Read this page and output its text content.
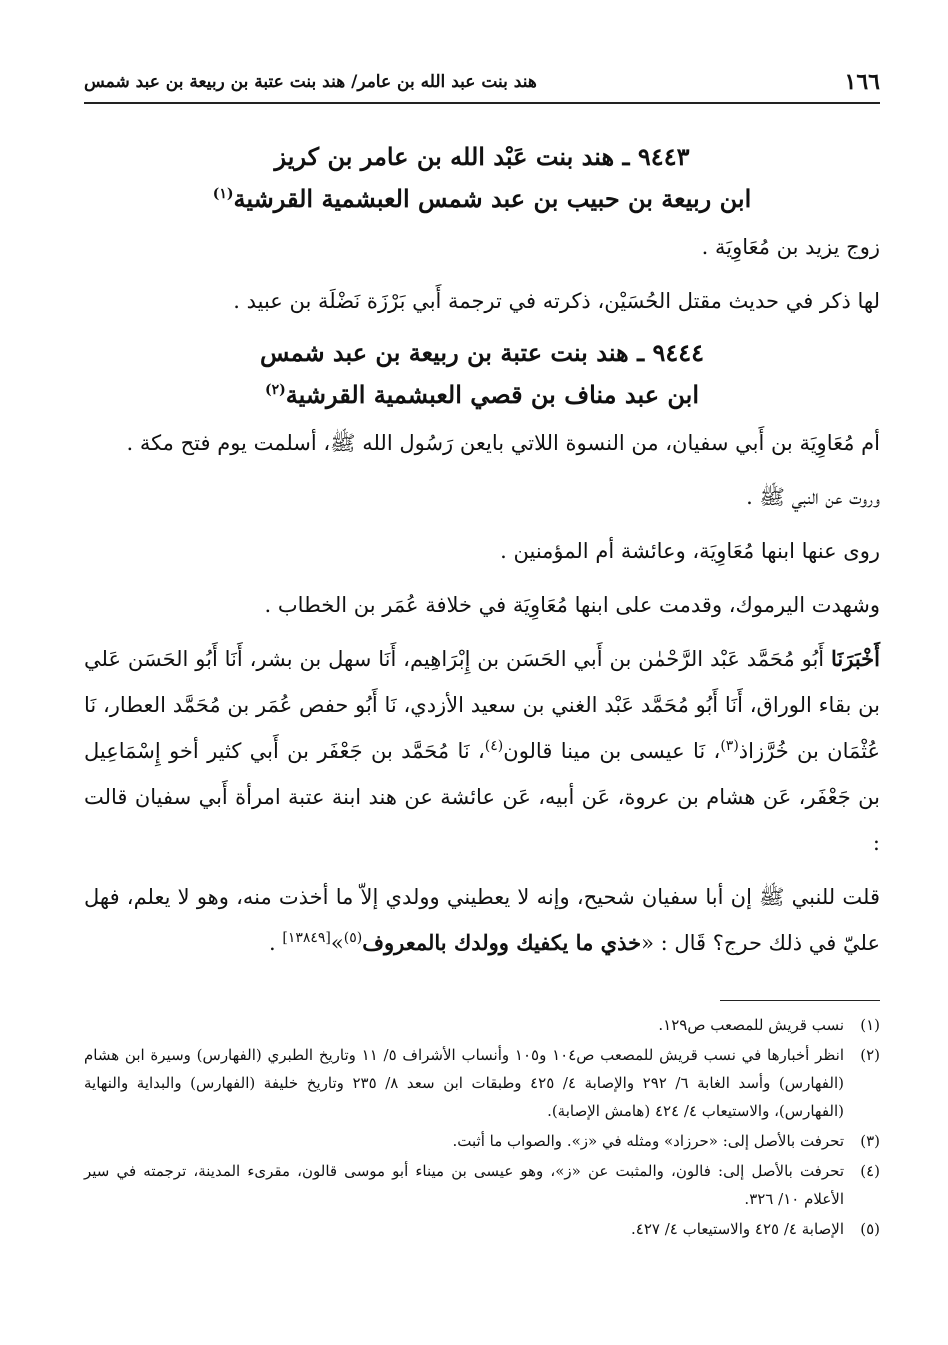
١٦٦
هند بنت عبد الله بن عامر/ هند بنت عتبة بن ربيعة بن عبد شمس
٩٤٤٣ ـ هند بنت عَبْد الله بن عامر بن كريز
ابن ربيعة بن حبيب بن عبد شمس العبشمية القرشية$^{(١)}$
زوج يزيد بن مُعَاوِيَة .
لها ذكر في حديث مقتل الحُسَيْن، ذكرته في ترجمة أَبي بَرْزَة نَضْلَة بن عبيد .
٩٤٤٤ ـ هند بنت عتبة بن ربيعة بن عبد شمس
ابن عبد مناف بن قصي العبشمية القرشية$^{(٢)}$
أم مُعَاوِيَة بن أَبي سفيان، من النسوة اللاتي بايعن رَسُول الله ﷺ، أسلمت يوم فتح مكة .
وروت عن النبي ﷺ .
روى عنها ابنها مُعَاوِيَة، وعائشة أم المؤمنين .
وشهدت اليرموك، وقدمت على ابنها مُعَاوِيَة في خلافة عُمَر بن الخطاب .
أَخْبَرَنَا أَبُو مُحَمَّد عَبْد الرَّحْمٰن بن أَبي الحَسَن بن إِبْرَاهِيم، أَنَا سهل بن بشر، أَنَا أَبُو الحَسَن عَلي بن بقاء الوراق، أَنَا أَبُو مُحَمَّد عَبْد الغني بن سعيد الأزدي، نَا أَبُو حفص عُمَر بن مُحَمَّد العطار، نَا عُثْمَان بن خُرَّزاذ$^{(٣)}$، نَا عيسى بن مينا قالون$^{(٤)}$، نَا مُحَمَّد بن جَعْفَر بن أَبي كثير أخو إِسْمَاعِيل بن جَعْفَر، عَن هشام بن عروة، عَن أبيه، عَن عائشة عن هند ابنة عتبة امرأة أَبي سفيان قالت :
قلت للنبي ﷺ إن أبا سفيان شحيح، وإنه لا يعطيني وولدي إلاّ ما أخذت منه، وهو لا يعلم، فهل عليّ في ذلك حرج؟ قَال : «خذي ما يكفيك وولدك بالمعروف$^{(٥)}$»[١٣٨٤٩] .
(١)
نسب قريش للمصعب ص١٢٩.
(٢)
انظر أخبارها في نسب قريش للمصعب ص١٠٤ و١٠٥ وأنساب الأشراف ٥/ ١١ وتاريخ الطبري (الفهارس) وسيرة ابن هشام (الفهارس) وأسد الغابة ٦/ ٢٩٢ والإصابة ٤/ ٤٢٥ وطبقات ابن سعد ٨/ ٢٣٥ وتاريخ خليفة (الفهارس) والبداية والنهاية (الفهارس)، والاستيعاب ٤/ ٤٢٤ (هامش الإصابة).
(٣)
تحرفت بالأصل إلى: «حرزاد» ومثله في «ز». والصواب ما أثبت.
(٤)
تحرفت بالأصل إلى: فالون، والمثبت عن «ز»، وهو عيسى بن ميناء أبو موسى قالون، مقرىء المدينة، ترجمته في سير الأعلام ١٠/ ٣٢٦.
(٥)
الإصابة ٤/ ٤٢٥ والاستيعاب ٤/ ٤٢٧.
